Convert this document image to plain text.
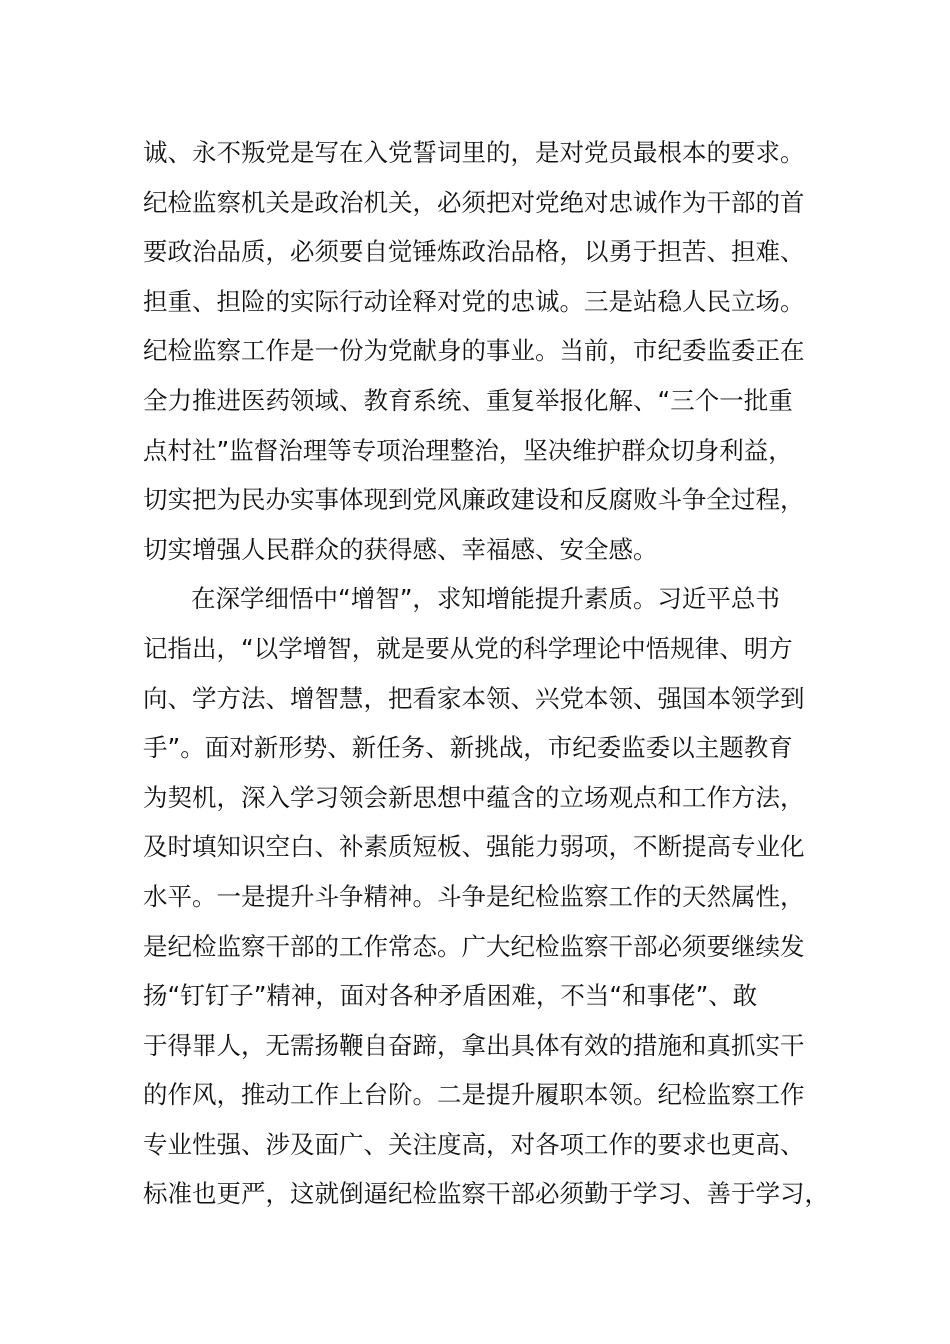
诚、永不叛党是写在入党誓词里的，是对党员最根本的要求。
纪检监察机关是政治机关，必须把对党绝对忠诚作为干部的首
要政治品质，必须要自觉锤炼政治品格，以勇于担苦、担难、
担重、担险的实际行动诠释对党的忠诚。三是站稳人民立场。
纪检监察工作是一份为党献身的事业。当前，市纪委监委正在
全力推进医药领域、教育系统、重复举报化解、“三个一批重
点村社”监督治理等专项治理整治，坚决维护群众切身利益，
切实把为民办实事体现到党风廉政建设和反腐败斗争全过程，
切实增强人民群众的获得感、幸福感、安全感。
在深学细悟中“增智”，求知增能提升素质。习近平总书
记指出，“以学增智，就是要从党的科学理论中悟规律、明方
向、学方法、增智慧，把看家本领、兴党本领、强国本领学到
手”。面对新形势、新任务、新挑战，市纪委监委以主题教育
为契机，深入学习领会新思想中蕴含的立场观点和工作方法，
及时填知识空白、补素质短板、强能力弱项，不断提高专业化
水平。一是提升斗争精神。斗争是纪检监察工作的天然属性，
是纪检监察干部的工作常态。广大纪检监察干部必须要继续发
扬“钉钉子”精神，面对各种矛盾困难，不当“和事佬”、敢
于得罪人，无需扬鞭自奋蹄，拿出具体有效的措施和真抓实干
的作风，推动工作上台阶。二是提升履职本领。纪检监察工作
专业性强、涉及面广、关注度高，对各项工作的要求也更高、
标准也更严，这就倒逼纪检监察干部必须勤于学习、善于学习，
